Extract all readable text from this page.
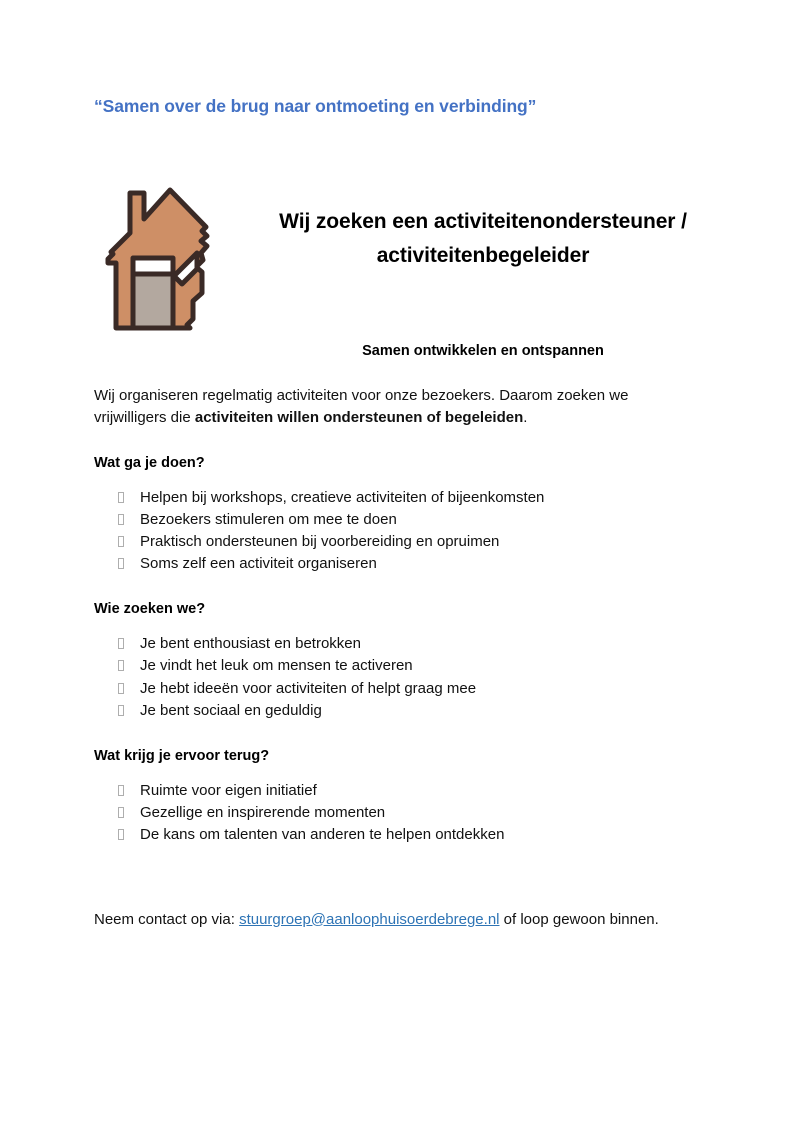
“Samen over de brug naar ontmoeting en verbinding”
Wij zoeken een activiteitenondersteuner / activiteitenbegeleider

Samen ontwikkelen en ontspannen

Wij organiseren regelmatig activiteiten voor onze bezoekers. Daarom zoeken we vrijwilligers die activiteiten willen ondersteunen of begeleiden.

Wat ga je doen?
Helpen bij workshops, creatieve activiteiten of bijeenkomsten
Bezoekers stimuleren om mee te doen
Praktisch ondersteunen bij voorbereiding en opruimen
Soms zelf een activiteit organiseren
Wie zoeken we?
Je bent enthousiast en betrokken
Je vindt het leuk om mensen te activeren
Je hebt ideeën voor activiteiten of helpt graag mee
Je bent sociaal en geduldig
Wat krijg je ervoor terug?
Ruimte voor eigen initiatief
Gezellige en inspirerende momenten
De kans om talenten van anderen te helpen ontdekken

Neem contact op via: stuurgroep@aanloophuisoerdebrege.nl of loop gewoon binnen.
